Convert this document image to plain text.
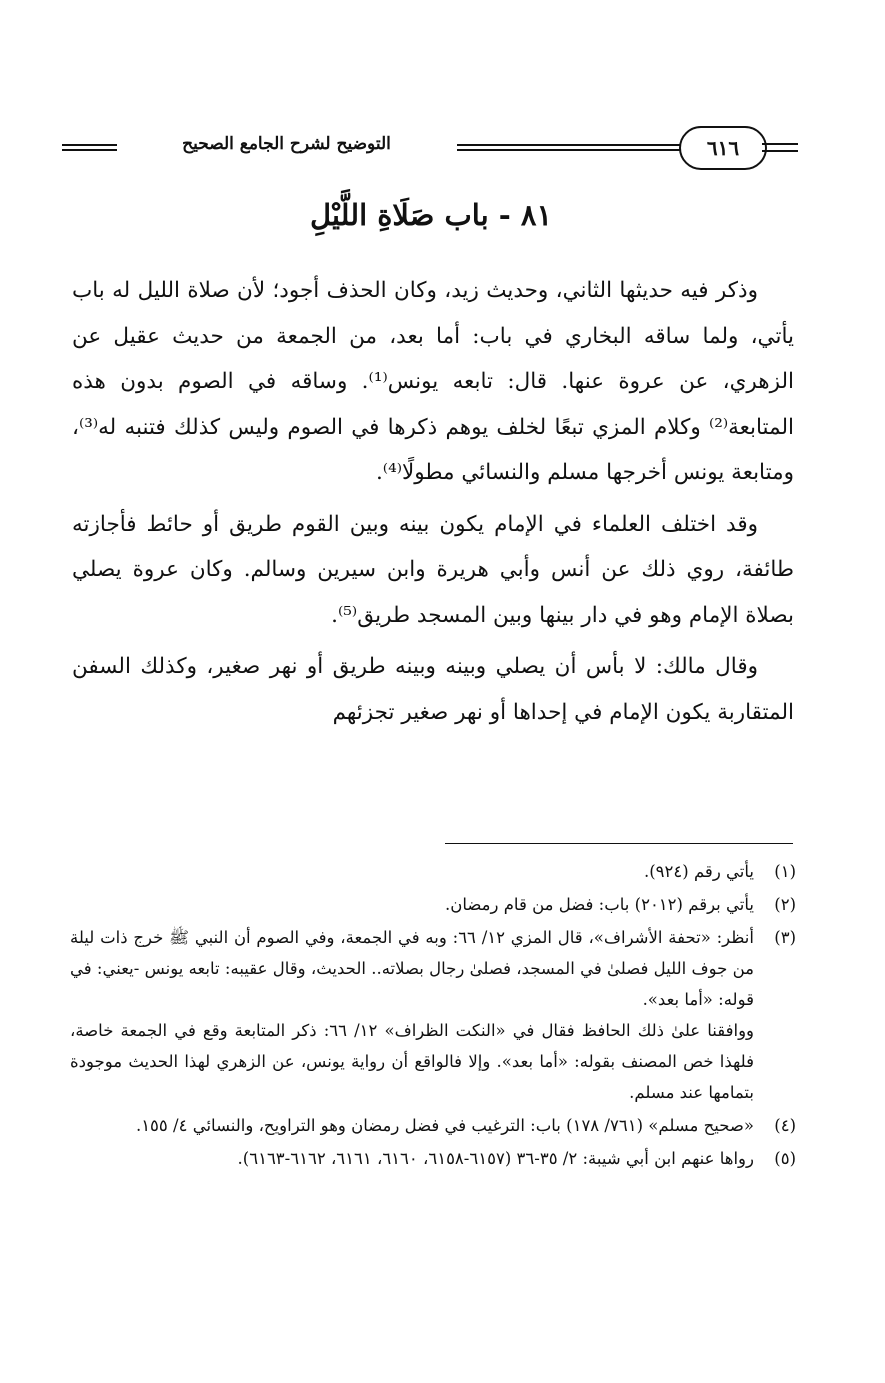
التوضيح لشرح الجامع الصحيح	٦١٦
٨١ - باب صَلَاةِ اللَّيْلِ

وذكر فيه حديثها الثاني، وحديث زيد، وكان الحذف أجود؛ لأن صلاة الليل له باب يأتي، ولما ساقه البخاري في باب: أما بعد، من الجمعة من حديث عقيل عن الزهري، عن عروة عنها. قال: تابعه يونس⁽¹⁾. وساقه في الصوم بدون هذه المتابعة⁽²⁾ وكلام المزي تبعًا لخلف يوهم ذكرها في الصوم وليس كذلك فتنبه له⁽³⁾، ومتابعة يونس أخرجها مسلم والنسائي مطولًا⁽⁴⁾.

وقد اختلف العلماء في الإمام يكون بينه وبين القوم طريق أو حائط فأجازته طائفة، روي ذلك عن أنس وأبي هريرة وابن سيرين وسالم. وكان عروة يصلي بصلاة الإمام وهو في دار بينها وبين المسجد طريق⁽⁵⁾.

وقال مالك: لا بأس أن يصلي وبينه وبينه طريق أو نهر صغير، وكذلك السفن المتقاربة يكون الإمام في إحداها أو نهر صغير تجزئهم

(١)
يأتي رقم (٩٢٤).
(٢)
يأتي برقم (٢٠١٢) باب: فضل من قام رمضان.
(٣)
أنظر: «تحفة الأشراف»، قال المزي ١٢/ ٦٦: وبه في الجمعة، وفي الصوم أن النبي ﷺ خرج ذات ليلة من جوف الليل فصلىٰ في المسجد، فصلىٰ رجال بصلاته.. الحديث، وقال عقيبه: تابعه يونس -يعني: في قوله: «أما بعد».
ووافقنا علىٰ ذلك الحافظ فقال في «النكت الظراف» ١٢/ ٦٦: ذكر المتابعة وقع في الجمعة خاصة، فلهذا خص المصنف بقوله: «أما بعد». وإلا فالواقع أن رواية يونس، عن الزهري لهذا الحديث موجودة بتمامها عند مسلم.
(٤)
«صحيح مسلم» (٧٦١/ ١٧٨) باب: الترغيب في فضل رمضان وهو التراويح، والنسائي ٤/ ١٥٥.
(٥)
رواها عنهم ابن أبي شيبة: ٢/ ٣٥-٣٦ (٦١٥٧-٦١٥٨، ٦١٦٠، ٦١٦١، ٦١٦٢-٦١٦٣).
